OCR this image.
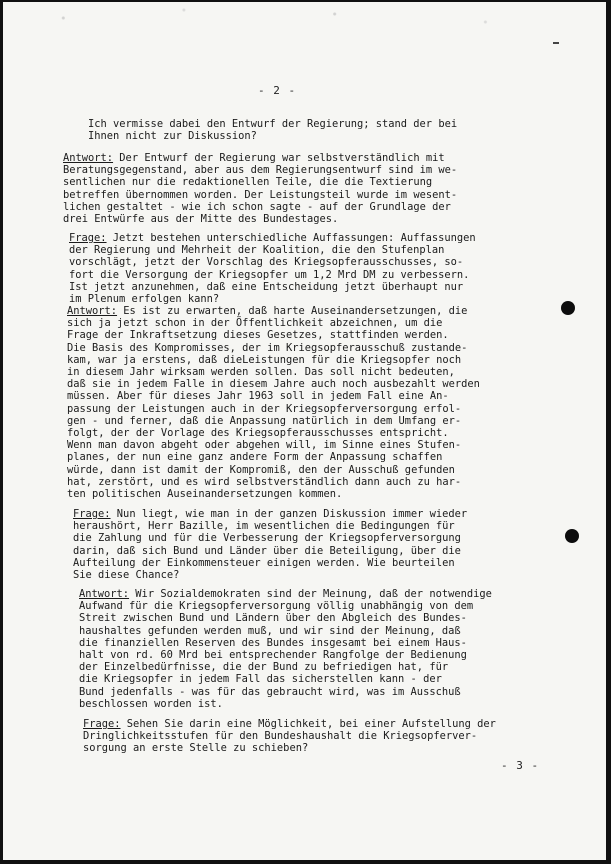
- 2 -
Ich vermisse dabei den Entwurf der Regierung; stand der bei
Ihnen nicht zur Diskussion?
Antwort: Der Entwurf der Regierung war selbstverständlich mit
Beratungsgegenstand, aber aus dem Regierungsentwurf sind im we-
sentlichen nur die redaktionellen Teile, die die Textierung
betreffen übernommen worden. Der Leistungsteil wurde im wesent-
lichen gestaltet - wie ich schon sagte - auf der Grundlage der
drei Entwürfe aus der Mitte des Bundestages.
Frage: Jetzt bestehen unterschiedliche Auffassungen: Auffassungen
der Regierung und Mehrheit der Koalition, die den Stufenplan
vorschlägt, jetzt der Vorschlag des Kriegsopferausschusses, so-
fort die Versorgung der Kriegsopfer um 1,2 Mrd DM zu verbessern.
Ist jetzt anzunehmen, daß eine Entscheidung jetzt überhaupt nur
im Plenum erfolgen kann?
Antwort: Es ist zu erwarten, daß harte Auseinandersetzungen, die
sich ja jetzt schon in der Öffentlichkeit abzeichnen, um die
Frage der Inkraftsetzung dieses Gesetzes, stattfinden werden.
Die Basis des Kompromisses, der im Kriegsopferausschuß zustande-
kam, war ja erstens, daß dieLeistungen für die Kriegsopfer noch
in diesem Jahr wirksam werden sollen. Das soll nicht bedeuten,
daß sie in jedem Falle in diesem Jahre auch noch ausbezahlt werden
müssen. Aber für dieses Jahr 1963 soll in jedem Fall eine An-
passung der Leistungen auch in der Kriegsopferversorgung erfol-
gen - und ferner, daß die Anpassung natürlich in dem Umfang er-
folgt, der der Vorlage des Kriegsopferausschusses entspricht.
Wenn man davon abgeht oder abgehen will, im Sinne eines Stufen-
planes, der nun eine ganz andere Form der Anpassung schaffen
würde, dann ist damit der Kompromiß, den der Ausschuß gefunden
hat, zerstört, und es wird selbstverständlich dann auch zu har-
ten politischen Auseinandersetzungen kommen.
Frage: Nun liegt, wie man in der ganzen Diskussion immer wieder
heraushört, Herr Bazille, im wesentlichen die Bedingungen für
die Zahlung und für die Verbesserung der Kriegsopferversorgung
darin, daß sich Bund und Länder über die Beteiligung, über die
Aufteilung der Einkommensteuer einigen werden. Wie beurteilen
Sie diese Chance?
Antwort: Wir Sozialdemokraten sind der Meinung, daß der notwendige
Aufwand für die Kriegsopferversorgung völlig unabhängig von dem
Streit zwischen Bund und Ländern über den Abgleich des Bundes-
haushaltes gefunden werden muß, und wir sind der Meinung, daß
die finanziellen Reserven des Bundes insgesamt bei einem Haus-
halt von rd. 60 Mrd bei entsprechender Rangfolge der Bedienung
der Einzelbedürfnisse, die der Bund zu befriedigen hat, für
die Kriegsopfer in jedem Fall das sicherstellen kann - der
Bund jedenfalls - was für das gebraucht wird, was im Ausschuß
beschlossen worden ist.
Frage: Sehen Sie darin eine Möglichkeit, bei einer Aufstellung der
Dringlichkeitsstufen für den Bundeshaushalt die Kriegsopferver-
sorgung an erste Stelle zu schieben?
- 3 -
